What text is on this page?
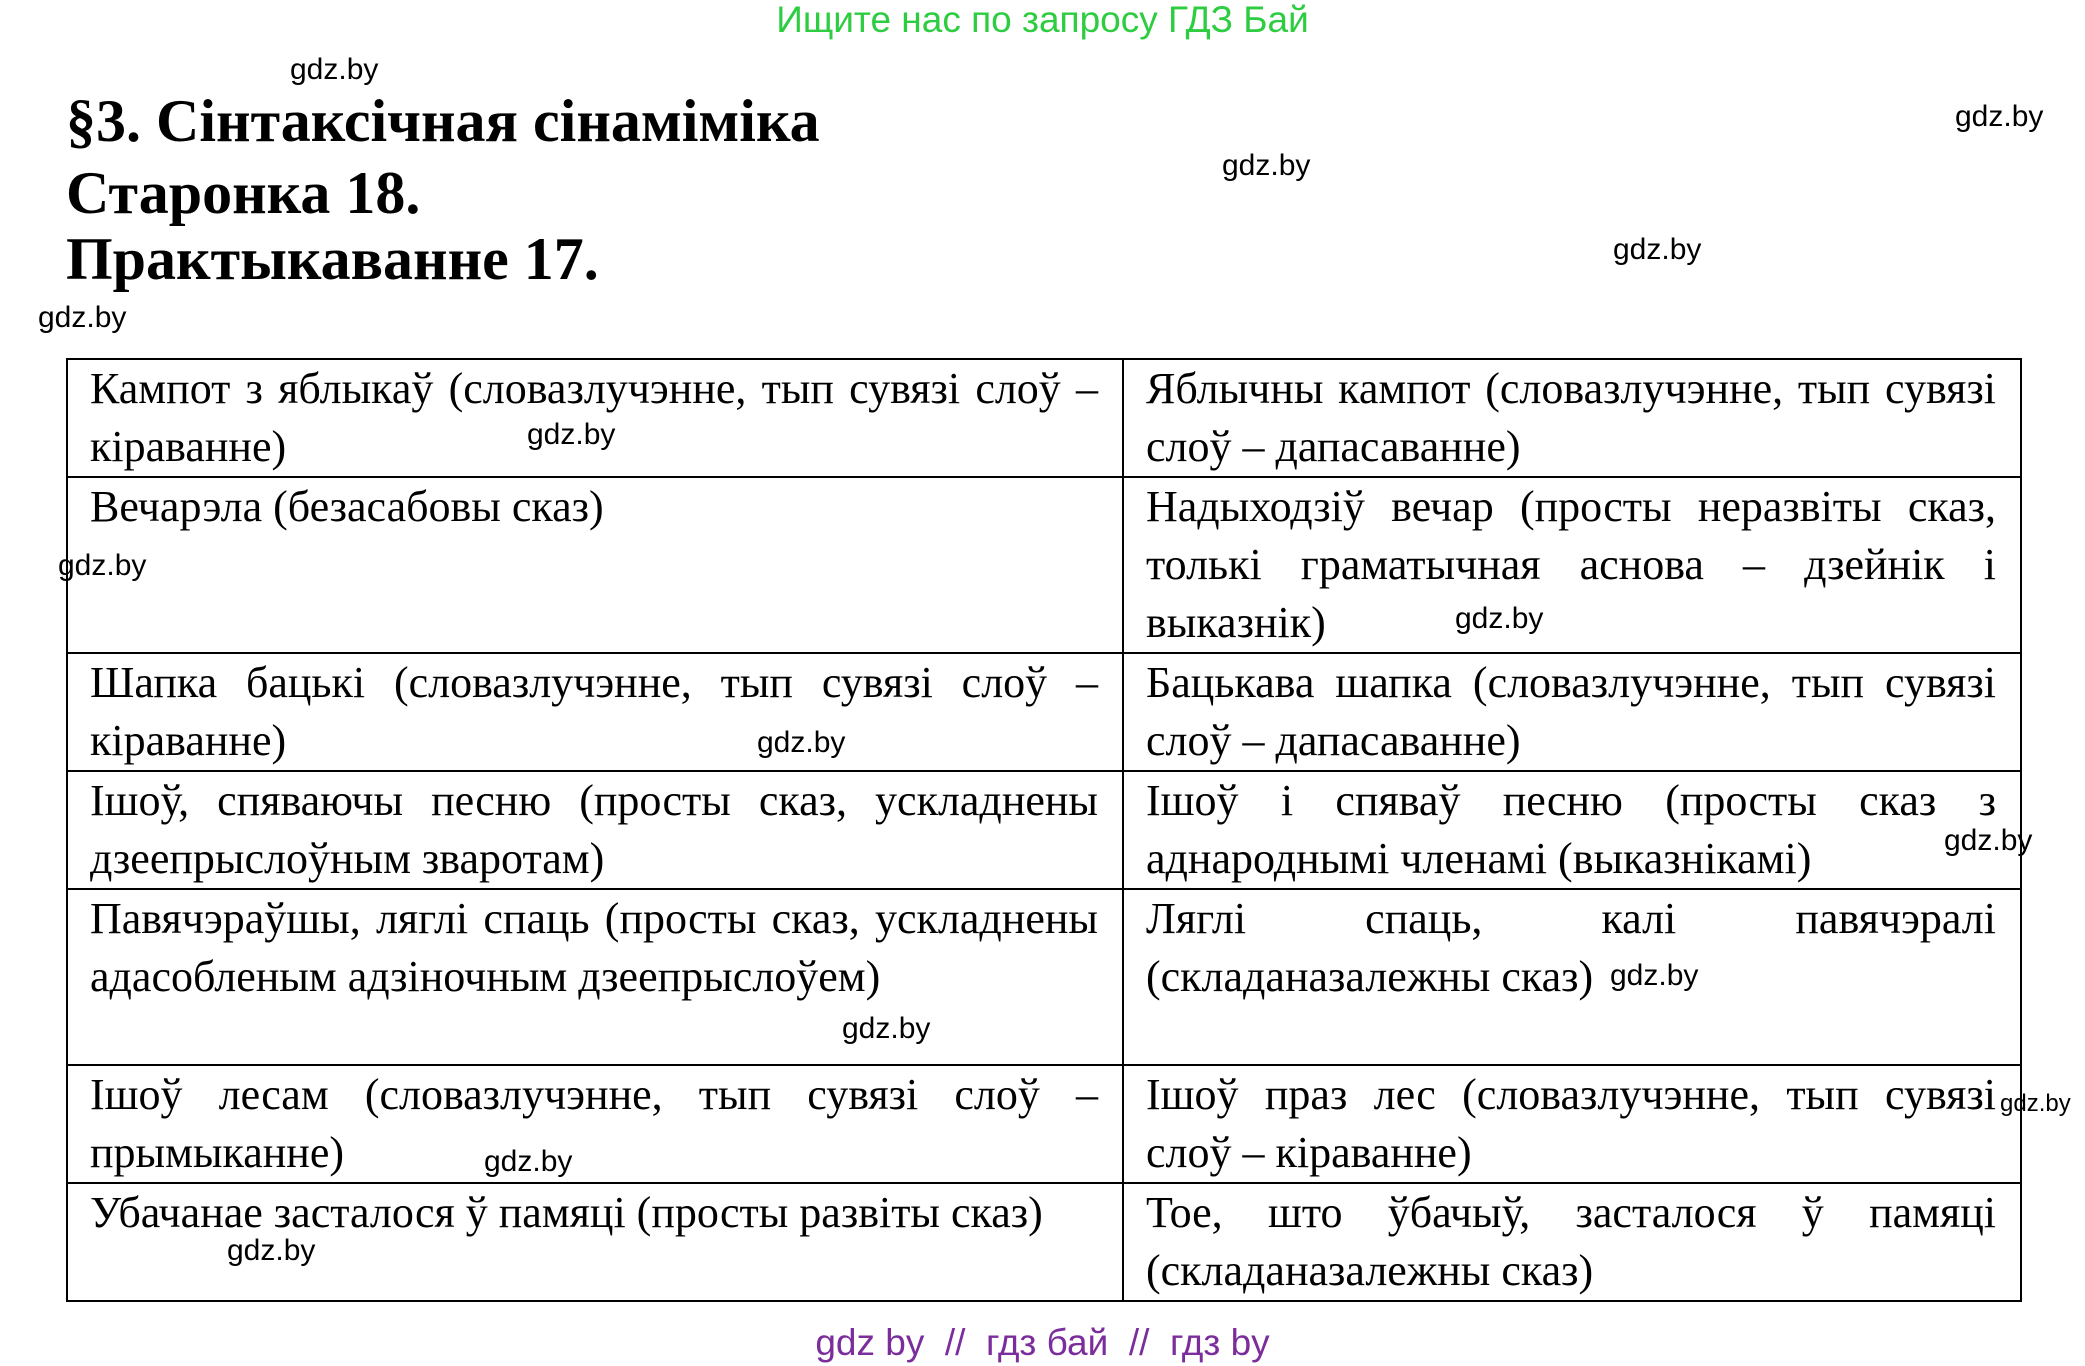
Ищите нас по запросу ГДЗ Бай
§3. Сінтаксічная сінаміміка
Старонка 18.
Практыкаванне 17.
Кампот з яблыкаў (словазлучэнне, тып сувязі слоў – кіраванне)	Яблычны кампот (словазлучэнне, тып сувязі слоў – дапасаванне)
Вечарэла (безасабовы сказ)	Надыходзіў вечар (просты неразвіты сказ, толькі граматычная аснова – дзейнік і выказнік)
Шапка бацькі (словазлучэнне, тып сувязі слоў – кіраванне)	Бацькава шапка (словазлучэнне, тып сувязі слоў – дапасаванне)
Ішоў, спяваючы песню (просты сказ, ускладнены дзеепрыслоўным зваротам)	Ішоў і спяваў песню (просты сказ з аднароднымі членамі (выказнікамі)
Павячэраўшы, ляглі спаць (просты сказ, ускладнены адасобленым адзіночным дзеепрыслоўем)	Ляглі спаць, калі павячэралі (складаназалежны сказ)
Ішоў лесам (словазлучэнне, тып сувязі слоў – прымыканне)	Ішоў праз лес (словазлучэнне, тып сувязі слоў – кіраванне)
Убачанае засталося ў памяці (просты развіты сказ)	Тое, што ўбачыў, засталося ў памяці (складаназалежны сказ)
gdz.by
gdz.by
gdz.by
gdz.by
gdz.by
gdz.by
gdz.by
gdz.by
gdz.by
gdz.by
gdz.by
gdz.by
gdz.by
gdz.by
gdz.by
gdz by  //  гдз бай  //  гдз by
